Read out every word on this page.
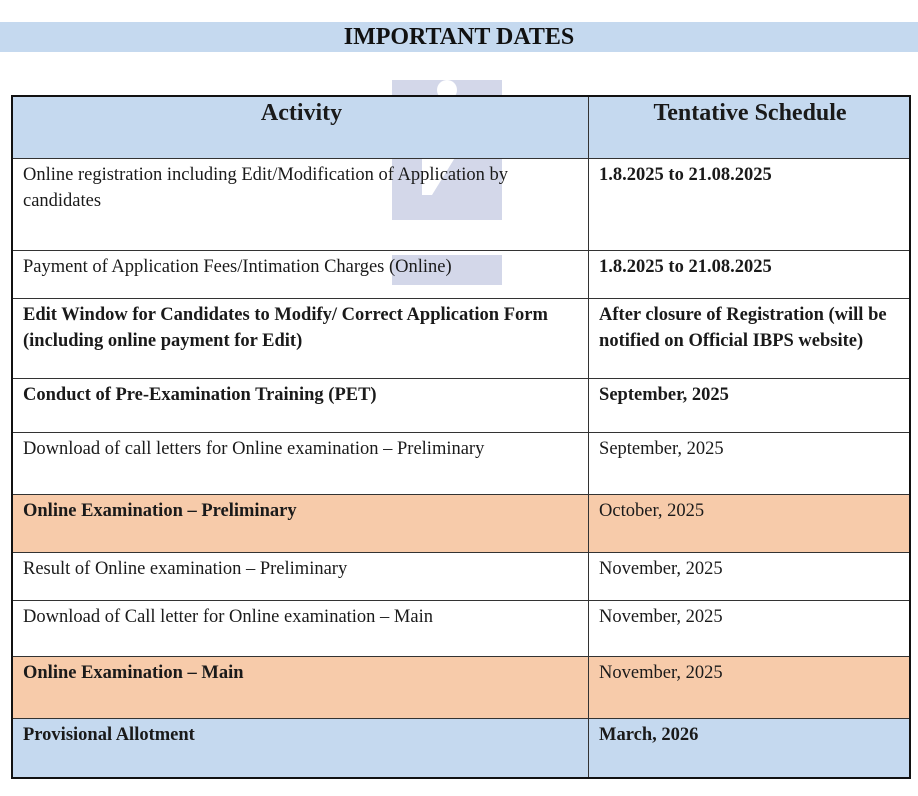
IMPORTANT DATES
Activity	Tentative Schedule
Online registration including Edit/Modification of Application by candidates	1.8.2025 to 21.08.2025
Payment of Application Fees/Intimation Charges (Online)	1.8.2025 to 21.08.2025
Edit Window for Candidates to Modify/ Correct Application Form (including online payment for Edit)	After closure of Registration (will be notified on Official IBPS website)
Conduct of Pre-Examination Training (PET)	September, 2025
Download of call letters for Online examination – Preliminary	September, 2025
Online Examination – Preliminary	October, 2025
Result of Online examination – Preliminary	November, 2025
Download of Call letter for Online examination – Main	November, 2025
Online Examination – Main	November, 2025
Provisional Allotment	March, 2026
